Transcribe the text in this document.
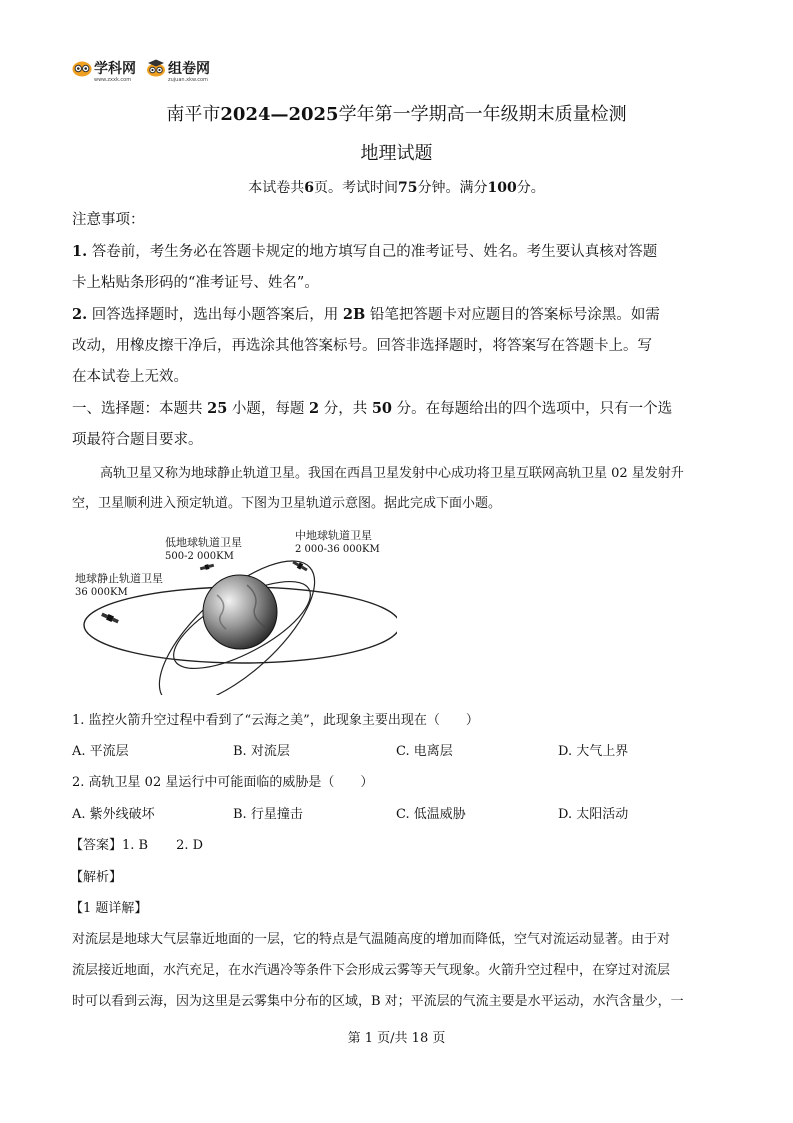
学科网
www.zxxk.com
组卷网
zujuan.xkw.com
南平市2024—2025学年第一学期高一年级期末质量检测
地理试题
本试卷共6页。考试时间75分钟。满分100分。
注意事项：
1. 答卷前，考生务必在答题卡规定的地方填写自己的准考证号、姓名。考生要认真核对答题
卡上粘贴条形码的“准考证号、姓名”。
2. 回答选择题时，选出每小题答案后，用 2B 铅笔把答题卡对应题目的答案标号涂黑。如需
改动，用橡皮擦干净后，再选涂其他答案标号。回答非选择题时，将答案写在答题卡上。写
在本试卷上无效。
一、选择题：本题共 25 小题，每题 2 分，共 50 分。在每题给出的四个选项中，只有一个选
项最符合题目要求。
高轨卫星又称为地球静止轨道卫星。我国在西昌卫星发射中心成功将卫星互联网高轨卫星 02 星发射升
空，卫星顺利进入预定轨道。下图为卫星轨道示意图。据此完成下面小题。
低地球轨道卫星
500-2 000KM
中地球轨道卫星
2 000-36 000KM
地球静止轨道卫星
36 000KM
1. 监控火箭升空过程中看到了“云海之美”，此现象主要出现在（　　）
A. 平流层	B. 对流层	C. 电离层	D. 大气上界
2. 高轨卫星 02 星运行中可能面临的威胁是（　　）
A. 紫外线破坏	B. 行星撞击	C. 低温威胁	D. 太阳活动
【答案】1. B 2. D
【解析】
【1 题详解】
对流层是地球大气层靠近地面的一层，它的特点是气温随高度的增加而降低，空气对流运动显著。由于对
流层接近地面，水汽充足，在水汽遇冷等条件下会形成云雾等天气现象。火箭升空过程中，在穿过对流层
时可以看到云海，因为这里是云雾集中分布的区域，B 对；平流层的气流主要是水平运动，水汽含量少，一
第 1 页/共 18 页
